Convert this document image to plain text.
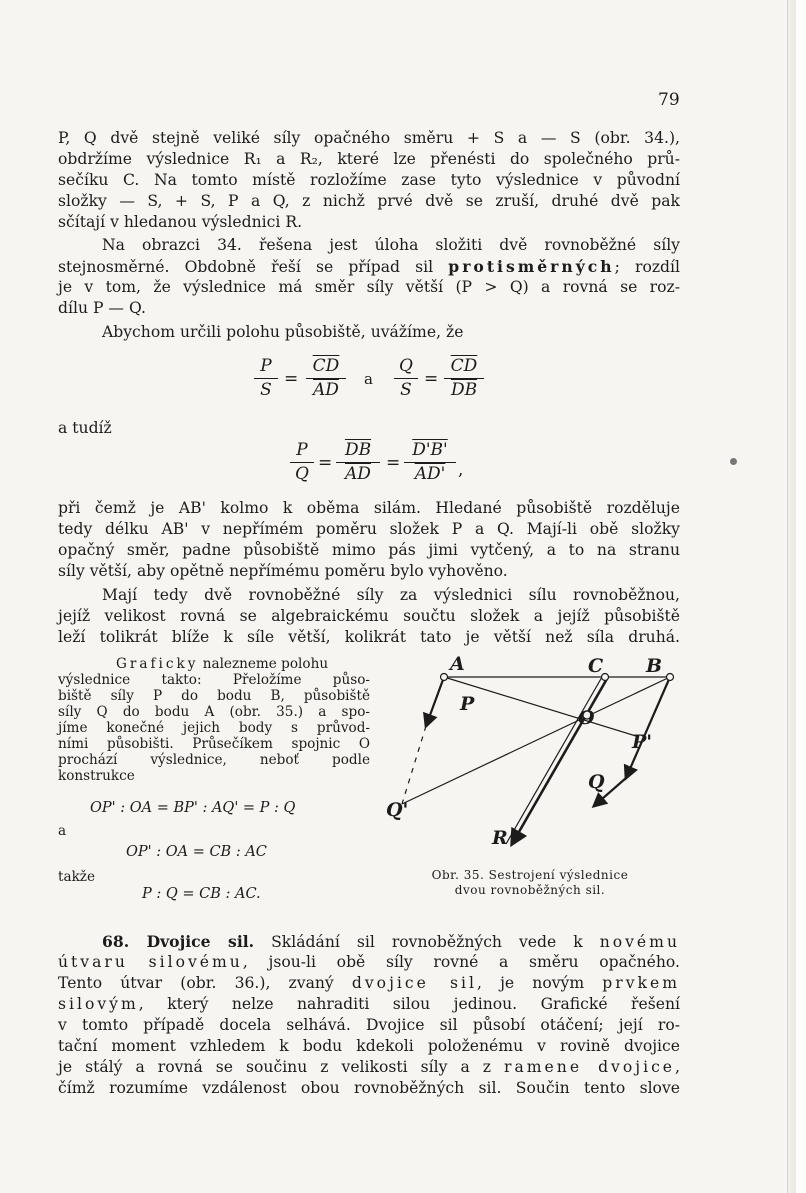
79
P, Q dvě stejně veliké síly opačného směru + S a — S (obr. 34.),
obdržíme výslednice R₁ a R₂, které lze přenésti do společného prů-
sečíku C. Na tomto místě rozložíme zase tyto výslednice v původní
složky — S, + S, P a Q, z nichž prvé dvě se zruší, druhé dvě pak
sčítají v hledanou výslednici R.
Na obrazci 34. řešena jest úloha složiti dvě rovnoběžné síly
stejnosměrné. Obdobně řeší se případ sil protisměrných; rozdíl
je v tom, že výslednice má směr síly větší (P > Q) a rovná se roz-
dílu P — Q.
Abychom určili polohu působiště, uvážíme, že
P
S
= $\frac{\overline{CD}}{AD}$ a
Q
S
= $\frac{\overline{CD}}{DB}$
a tudíž
P
Q
= $\frac{\overline{DB}}{AD} = \frac{D'B'}{AD'}$ ,
při čemž je AB' kolmo k oběma silám. Hledané působiště rozděluje
tedy délku AB' v nepřímém poměru složek P a Q. Mají-li obě složky
opačný směr, padne působiště mimo pás jimi vytčený, a to na stranu
síly větší, aby opětně nepřímému poměru bylo vyhověno.
Mají tedy dvě rovnoběžné síly za výslednici sílu rovnoběžnou,
jejíž velikost rovná se algebraickému součtu složek a jejíž působiště
leží tolikrát blíže k síle větší, kolikrát tato je větší než síla druhá.
Graficky nalezneme polohu
výslednice takto: Přeložíme půso-
biště síly P do bodu B, působiště
síly Q do bodu A (obr. 35.) a spo-
jíme konečné jejich body s průvod-
ními působišti. Průsečíkem spojnic O
prochází výslednice, neboť podle
konstrukce
OP' : OA = BP' : AQ' = P : Q
a
OP' : OA = CB : AC
takže
P : Q = CB : AC.
A	C B
O
P
P'
Q
Q'
R
Obr. 35. Sestrojení výslednice
dvou rovnoběžných sil.
68. Dvojice sil. Skládání sil rovnoběžných vede k novému
útvaru silovému, jsou-li obě síly rovné a směru opačného.
Tento útvar (obr. 36.), zvaný dvojice sil, je novým prvkem
silovým, který nelze nahraditi silou jedinou. Grafické řešení
v tomto případě docela selhává. Dvojice sil působí otáčení; její ro-
tační moment vzhledem k bodu kdekoli položenému v rovině dvojice
je stálý a rovná se součinu z velikosti síly a z ramene dvojice,
čímž rozumíme vzdálenost obou rovnoběžných sil. Součin tento slove
